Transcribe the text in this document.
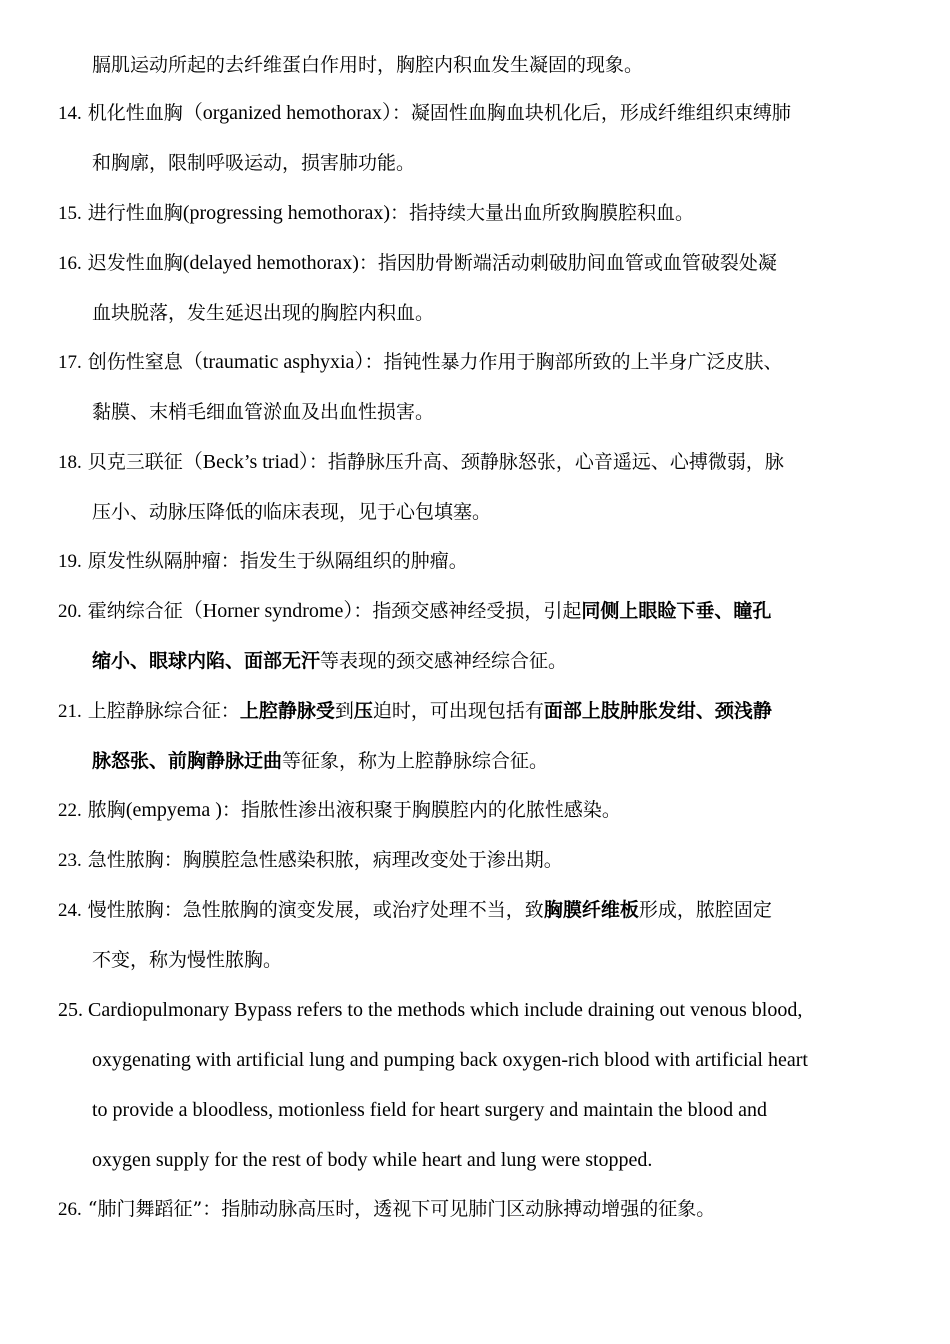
膈肌运动所起的去纤维蛋白作用时，胸腔内积血发生凝固的现象。
14. 机化性血胸（organized hemothorax）：凝固性血胸血块机化后，形成纤维组织束缚肺
和胸廓，限制呼吸运动，损害肺功能。
15. 进行性血胸(progressing hemothorax)：指持续大量出血所致胸膜腔积血。
16. 迟发性血胸(delayed hemothorax)：指因肋骨断端活动刺破肋间血管或血管破裂处凝
血块脱落，发生延迟出现的胸腔内积血。
17. 创伤性窒息（traumatic asphyxia）：指钝性暴力作用于胸部所致的上半身广泛皮肤、
黏膜、末梢毛细血管淤血及出血性损害。
18. 贝克三联征（Beck’s triad）：指静脉压升高、颈静脉怒张，心音遥远、心搏微弱，脉
压小、动脉压降低的临床表现，见于心包填塞。
19. 原发性纵隔肿瘤：指发生于纵隔组织的肿瘤。
20. 霍纳综合征（Horner syndrome）：指颈交感神经受损，引起同侧上眼睑下垂、瞳孔
缩小、眼球内陷、面部无汗等表现的颈交感神经综合征。
21. 上腔静脉综合征：上腔静脉受到压迫时，可出现包括有面部上肢肿胀发绀、颈浅静
脉怒张、前胸静脉迂曲等征象，称为上腔静脉综合征。
22. 脓胸(empyema )：指脓性渗出液积聚于胸膜腔内的化脓性感染。
23. 急性脓胸：胸膜腔急性感染积脓，病理改变处于渗出期。
24. 慢性脓胸：急性脓胸的演变发展，或治疗处理不当，致胸膜纤维板形成，脓腔固定
不变，称为慢性脓胸。
25. Cardiopulmonary Bypass refers to the methods which include draining out venous blood,
oxygenating with artificial lung and pumping back oxygen-rich blood with artificial heart
to provide a bloodless, motionless field for heart surgery and maintain the blood and
oxygen supply for the rest of body while heart and lung were stopped.
26. “肺门舞蹈征”：指肺动脉高压时，透视下可见肺门区动脉搏动增强的征象。
